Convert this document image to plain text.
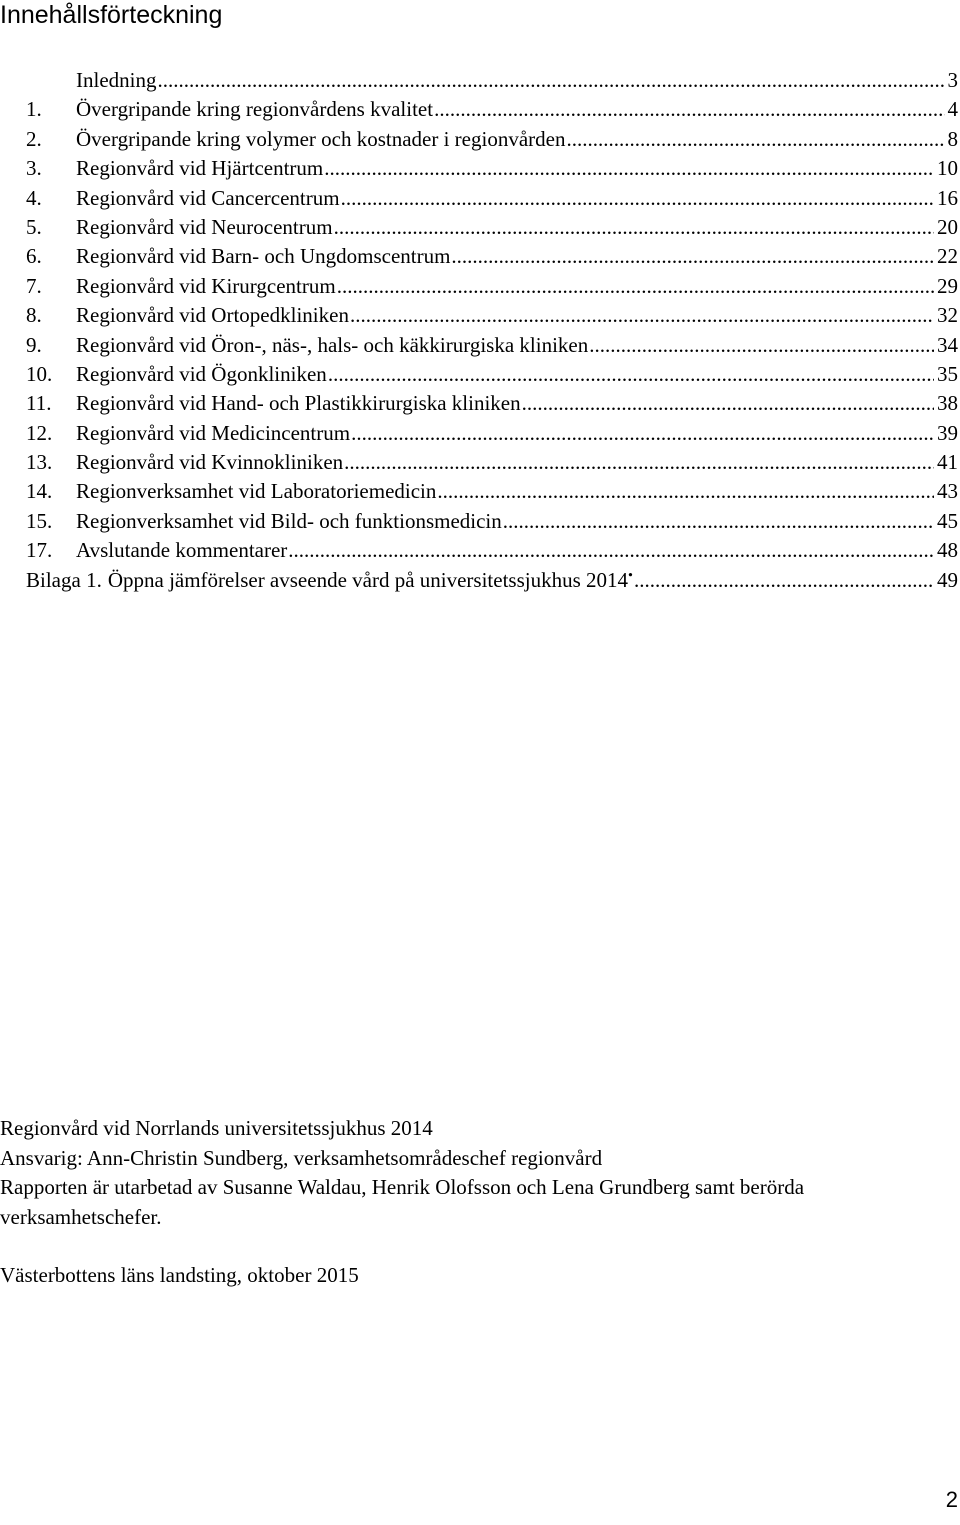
Innehållsförteckning
Inledning .....	3
1.	Övergripande kring regionvårdens kvalitet .....	4
2.	Övergripande kring volymer och kostnader i regionvården .....	8
3.	Regionvård vid Hjärtcentrum .....	10
4.	Regionvård vid Cancercentrum .....	16
5.	Regionvård vid Neurocentrum .....	20
6.	Regionvård vid Barn- och Ungdomscentrum .....	22
7.	Regionvård vid Kirurgcentrum .....	29
8.	Regionvård vid Ortopedkliniken .....	32
9.	Regionvård vid Öron-, näs-, hals- och käkkirurgiska kliniken .....	34
10.	Regionvård vid Ögonkliniken .....	35
11.	Regionvård vid Hand- och Plastikkirurgiska kliniken .....	38
12.	Regionvård vid Medicincentrum .....	39
13.	Regionvård vid Kvinnokliniken .....	41
14.	Regionverksamhet vid Laboratoriemedicin .....	43
15.	Regionverksamhet vid Bild- och funktionsmedicin .....	45
17.	Avslutande kommentarer .....	48
Bilaga 1. Öppna jämförelser avseende vård på universitetssjukhus 2014• .....	49

Regionvård vid Norrlands universitetssjukhus 2014

Ansvarig: Ann-Christin Sundberg, verksamhetsområdeschef regionvård

Rapporten är utarbetad av Susanne Waldau, Henrik Olofsson och Lena Grundberg samt berörda verksamhetschefer.

Västerbottens läns landsting, oktober 2015

2
